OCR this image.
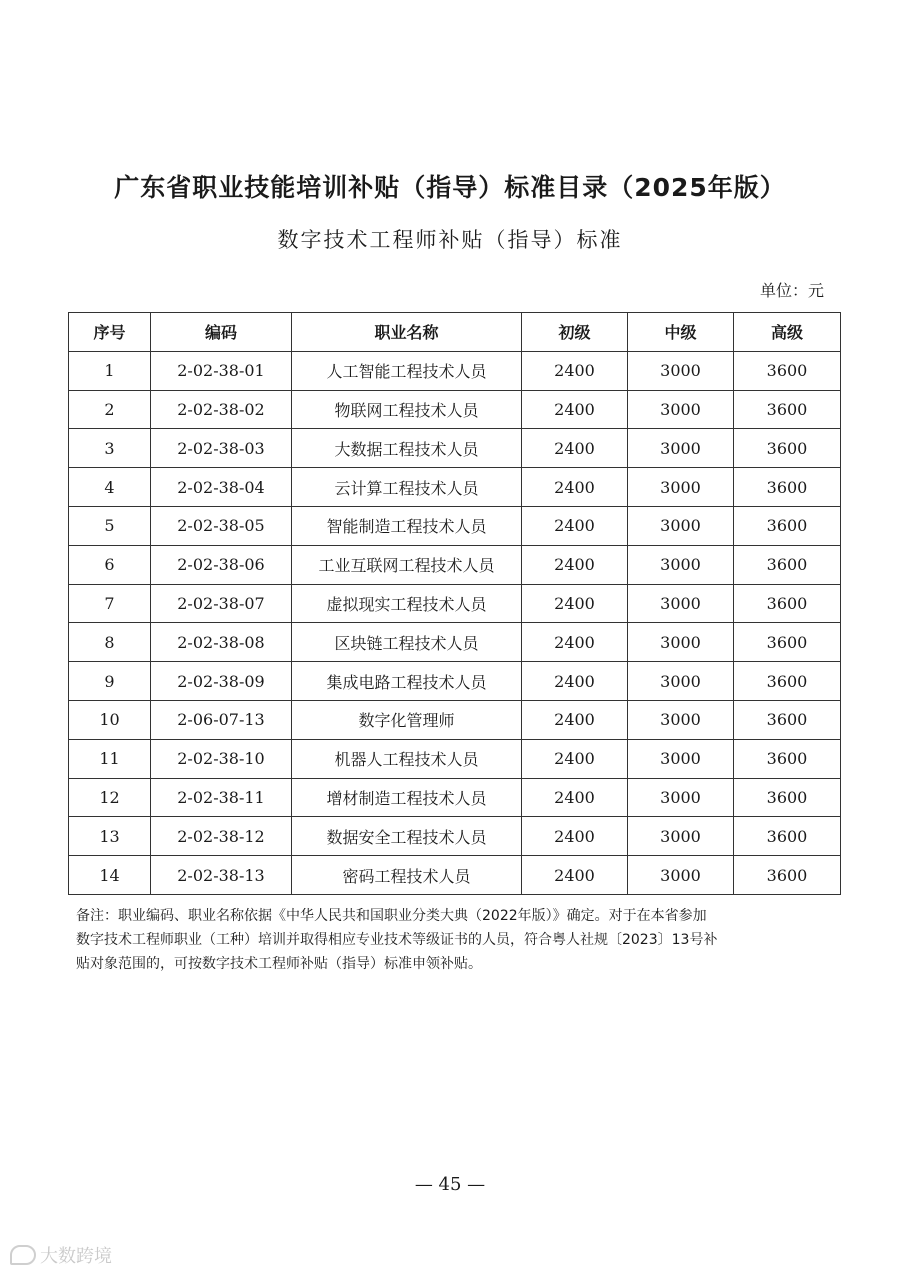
广东省职业技能培训补贴（指导）标准目录（2025年版）
数字技术工程师补贴（指导）标准
单位：元
序号	编码	职业名称	初级	中级	高级
1	2-02-38-01	人工智能工程技术人员	2400	3000	3600
2	2-02-38-02	物联网工程技术人员	2400	3000	3600
3	2-02-38-03	大数据工程技术人员	2400	3000	3600
4	2-02-38-04	云计算工程技术人员	2400	3000	3600
5	2-02-38-05	智能制造工程技术人员	2400	3000	3600
6	2-02-38-06	工业互联网工程技术人员	2400	3000	3600
7	2-02-38-07	虚拟现实工程技术人员	2400	3000	3600
8	2-02-38-08	区块链工程技术人员	2400	3000	3600
9	2-02-38-09	集成电路工程技术人员	2400	3000	3600
10	2-06-07-13	数字化管理师	2400	3000	3600
11	2-02-38-10	机器人工程技术人员	2400	3000	3600
12	2-02-38-11	增材制造工程技术人员	2400	3000	3600
13	2-02-38-12	数据安全工程技术人员	2400	3000	3600
14	2-02-38-13	密码工程技术人员	2400	3000	3600
备注：职业编码、职业名称依据《中华人民共和国职业分类大典（2022年版）》确定。对于在本省参加
数字技术工程师职业（工种）培训并取得相应专业技术等级证书的人员，符合粤人社规〔2023〕13号补
贴对象范围的，可按数字技术工程师补贴（指导）标准申领补贴。
— 45 —
大数跨境
